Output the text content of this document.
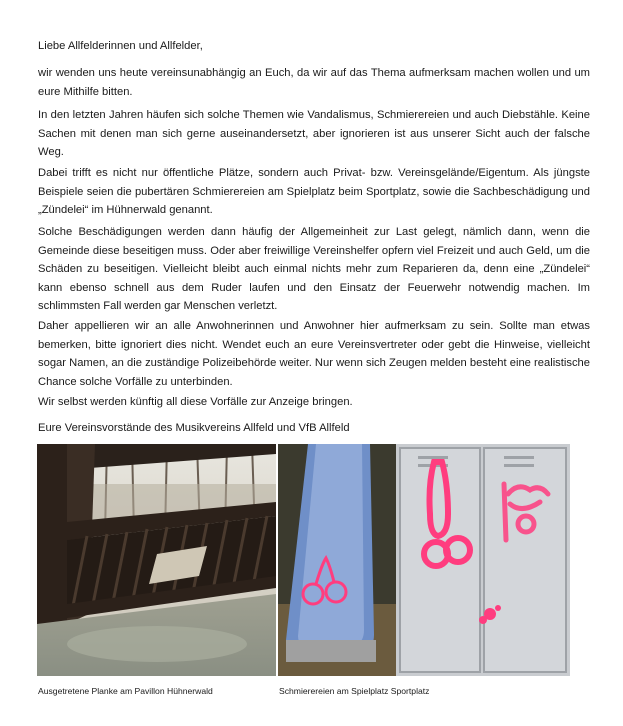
Liebe Allfelderinnen und Allfelder,

wir wenden uns heute vereinsunabhängig an Euch, da wir auf das Thema aufmerksam machen wollen und um eure Mithilfe bitten.

In den letzten Jahren häufen sich solche Themen wie Vandalismus, Schmierereien und auch Diebstähle. Keine Sachen mit denen man sich gerne auseinandersetzt, aber ignorieren ist aus unserer Sicht auch der falsche Weg.

Dabei trifft es nicht nur öffentliche Plätze, sondern auch Privat- bzw. Vereinsgelände/Eigentum. Als jüngste Beispiele seien die pubertären Schmierereien am Spielplatz beim Sportplatz, sowie die Sachbeschädigung und „Zündelei“ im Hühnerwald genannt.

Solche Beschädigungen werden dann häufig der Allgemeinheit zur Last gelegt, nämlich dann, wenn die Gemeinde diese beseitigen muss. Oder aber freiwillige Vereinshelfer opfern viel Freizeit und auch Geld, um die Schäden zu beseitigen. Vielleicht bleibt auch einmal nichts mehr zum Reparieren da, denn eine „Zündelei“ kann ebenso schnell aus dem Ruder laufen und den Einsatz der Feuerwehr notwendig machen. Im schlimmsten Fall werden gar Menschen verletzt.

Daher appellieren wir an alle Anwohnerinnen und Anwohner hier aufmerksam zu sein. Sollte man etwas bemerken, bitte ignoriert dies nicht. Wendet euch an eure Vereinsvertreter oder gebt die Hinweise, vielleicht sogar Namen, an die zuständige Polizeibehörde weiter. Nur wenn sich Zeugen melden besteht eine realistische Chance solche Vorfälle zu unterbinden.

Wir selbst werden künftig all diese Vorfälle zur Anzeige bringen.

Eure Vereinsvorstände des Musikvereins Allfeld und VfB Allfeld

Ausgetretene Planke am Pavillon Hühnerwald	Schmierereien am Spielplatz Sportplatz
